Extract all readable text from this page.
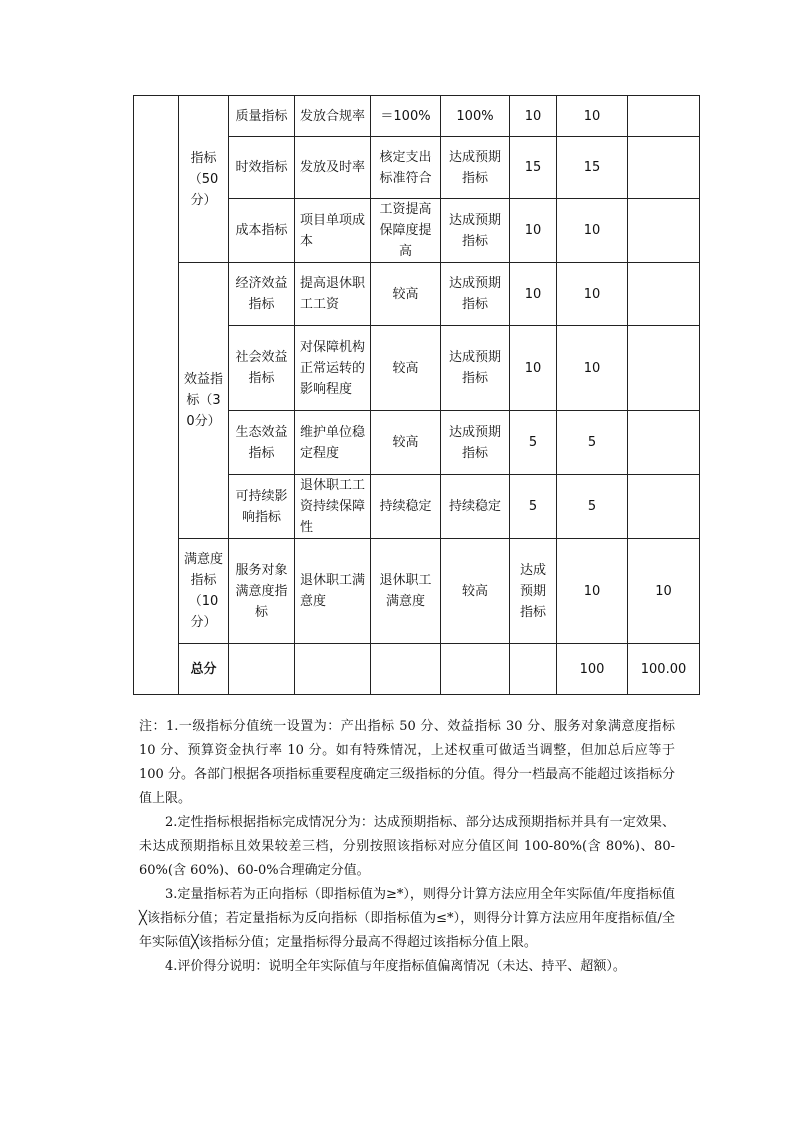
	指标（50分）	质量指标	发放合规率	＝100%	100%	10	10		
		时效指标	发放及时率	核定支出标准符合	达成预期指标	15	15		
		成本指标	项目单项成本	工资提高保障度提高	达成预期指标	10	10		
	效益指标（30分）	经济效益指标	提高退休职工工资	较高	达成预期指标	10	10		
		社会效益指标	对保障机构正常运转的影响程度	较高	达成预期指标	10	10		
		生态效益指标	维护单位稳定程度	较高	达成预期指标	5	5		
		可持续影响指标	退休职工工资持续保障性	持续稳定	持续稳定	5	5		
	满意度指标（10分）	服务对象满意度指标	退休职工满意度	退休职工满意度	较高	达成预期指标	10	10	
	总分						100	100.00	

注：1.一级指标分值统一设置为：产出指标 50 分、效益指标 30 分、服务对象满意度指标 10 分、预算资金执行率 10 分。如有特殊情况，上述权重可做适当调整，但加总后应等于 100 分。各部门根据各项指标重要程度确定三级指标的分值。得分一档最高不能超过该指标分值上限。

2.定性指标根据指标完成情况分为：达成预期指标、部分达成预期指标并具有一定效果、未达成预期指标且效果较差三档，分别按照该指标对应分值区间 100-80%(含 80%)、80-60%(含 60%)、60-0%合理确定分值。

3.定量指标若为正向指标（即指标值为≥*），则得分计算方法应用全年实际值/年度指标值╳该指标分值；若定量指标为反向指标（即指标值为≤*），则得分计算方法应用年度指标值/全年实际值╳该指标分值；定量指标得分最高不得超过该指标分值上限。

4.评价得分说明：说明全年实际值与年度指标值偏离情况（未达、持平、超额）。
